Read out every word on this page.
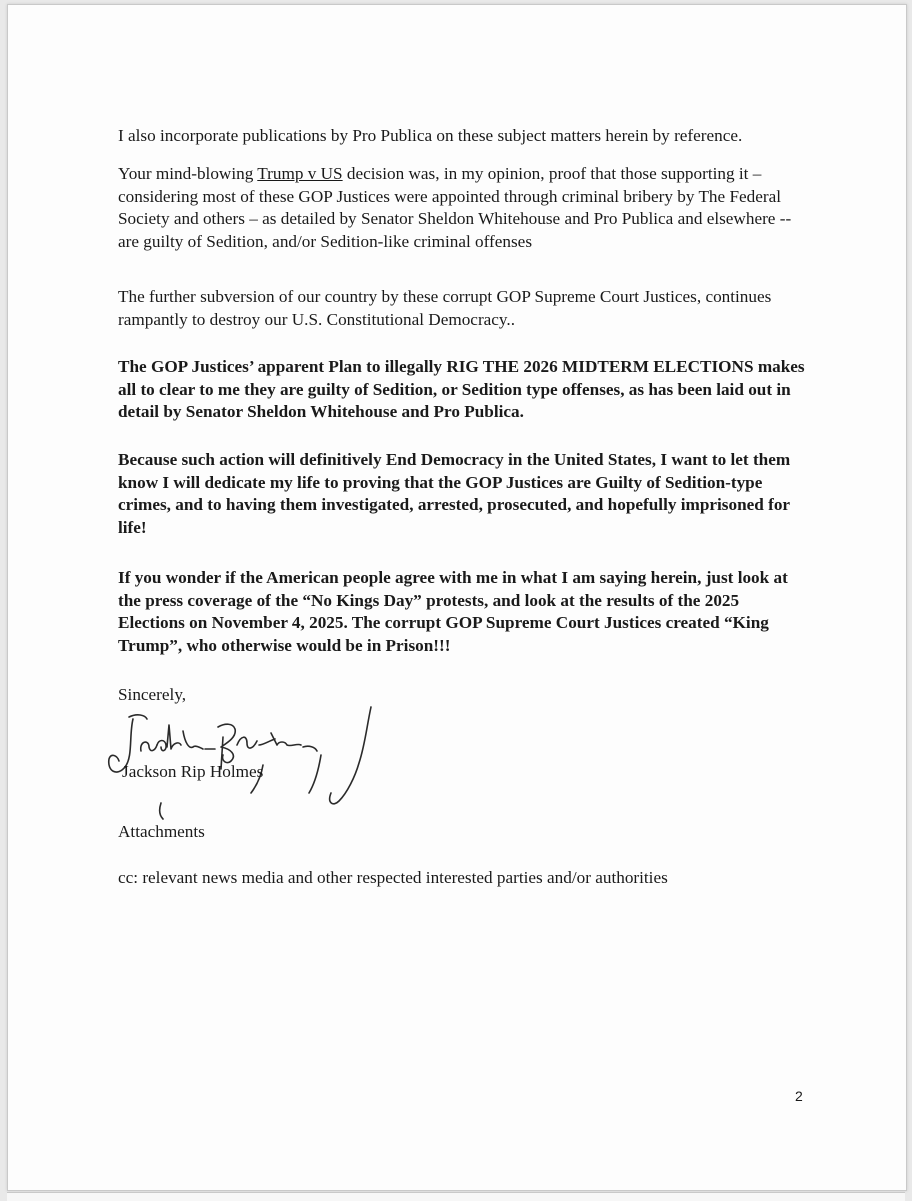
I also incorporate publications by Pro Publica on these subject matters herein by reference.

Your mind-blowing Trump v US decision was, in my opinion, proof that those supporting it – considering most of these GOP Justices were appointed through criminal bribery by The Federal Society and others – as detailed by Senator Sheldon Whitehouse and Pro Publica and elsewhere --are guilty of Sedition, and/or Sedition-like criminal offenses

The further subversion of our country by these corrupt GOP Supreme Court Justices, continues rampantly to destroy our U.S. Constitutional Democracy..

The GOP Justices’ apparent Plan to illegally RIG THE 2026 MIDTERM ELECTIONS makes all to clear to me they are guilty of Sedition, or Sedition type offenses, as has been laid out in detail by Senator Sheldon Whitehouse and Pro Publica.

Because such action will definitively End Democracy in the United States, I want to let them know I will dedicate my life to proving that the GOP Justices are Guilty of Sedition-type crimes, and to having them investigated, arrested, prosecuted, and hopefully imprisoned for life!

If you wonder if the American people agree with me in what I am saying herein, just look at the press coverage of the “No Kings Day” protests, and look at the results of the 2025 Elections on November 4, 2025. The corrupt GOP Supreme Court Justices created “King Trump”, who otherwise would be in Prison!!!

Sincerely,

Jackson Rip Holmes

Attachments

cc: relevant news media and other respected interested parties and/or authorities

2
